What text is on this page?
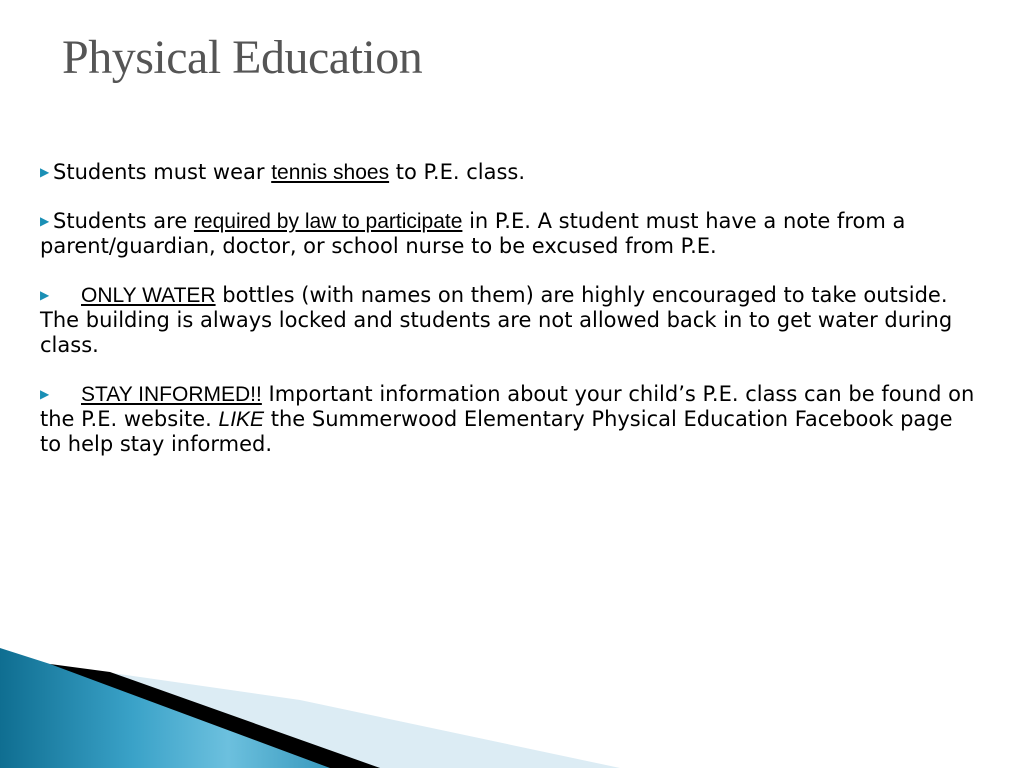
Physical Education

▶ Students must wear tennis shoes to P.E. class.

▶ Students are required by law to participate in P.E. A student must have a note from a parent/guardian, doctor, or school nurse to be excused from P.E.

▶ ONLY WATER bottles (with names on them) are highly encouraged to take outside. The building is always locked and students are not allowed back in to get water during class.

▶ STAY INFORMED!! Important information about your child’s P.E. class can be found on the P.E. website. LIKE the Summerwood Elementary Physical Education Facebook page to help stay informed.
